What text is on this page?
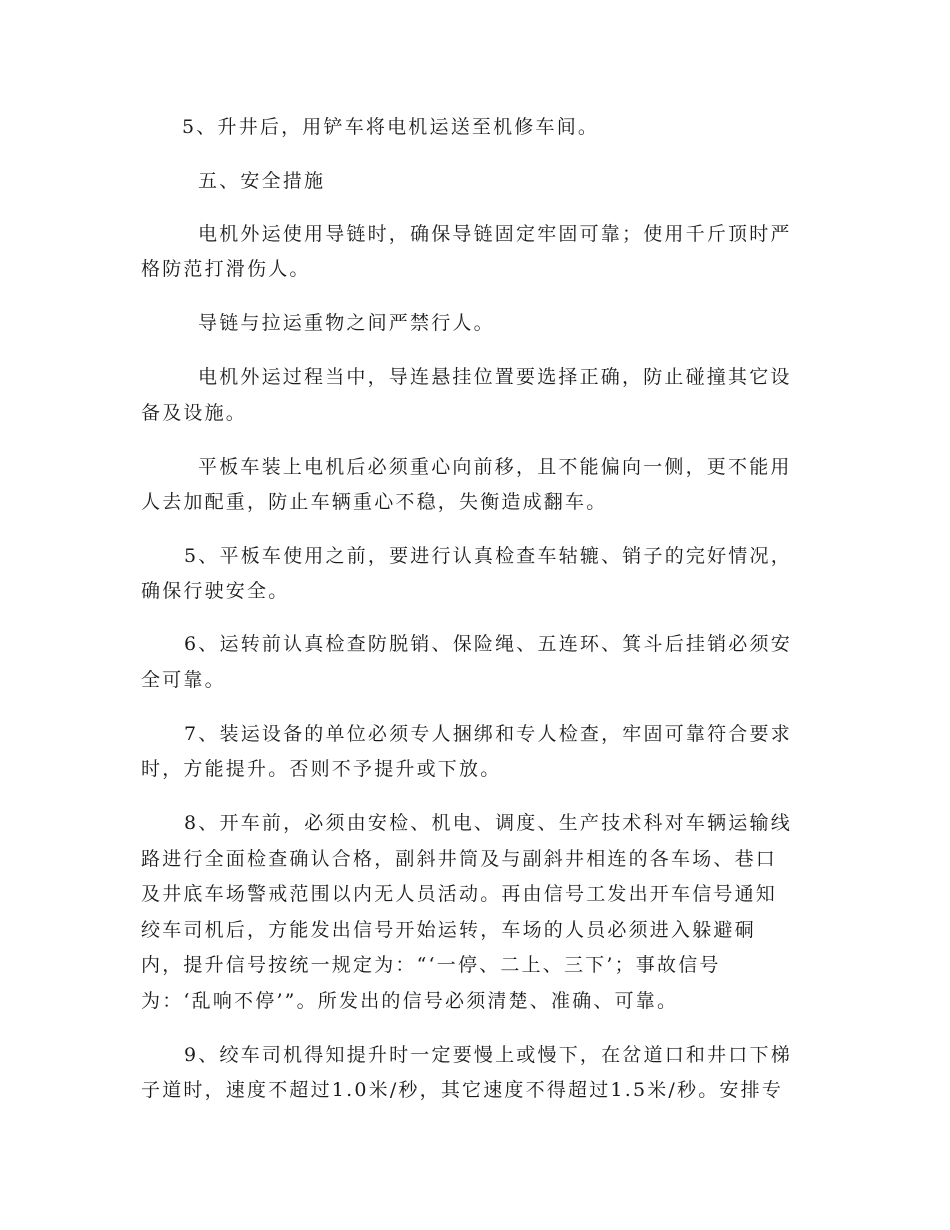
5、升井后，用铲车将电机运送至机修车间。
五、安全措施
电机外运使用导链时，确保导链固定牢固可靠；使用千斤顶时严
格防范打滑伤人。
导链与拉运重物之间严禁行人。
电机外运过程当中，导连悬挂位置要选择正确，防止碰撞其它设
备及设施。
平板车装上电机后必须重心向前移，且不能偏向一侧，更不能用
人去加配重，防止车辆重心不稳，失衡造成翻车。
5、平板车使用之前，要进行认真检查车轱辘、销子的完好情况，
确保行驶安全。
6、运转前认真检查防脱销、保险绳、五连环、箕斗后挂销必须安
全可靠。
7、装运设备的单位必须专人捆绑和专人检查，牢固可靠符合要求
时，方能提升。否则不予提升或下放。
8、开车前，必须由安检、机电、调度、生产技术科对车辆运输线
路进行全面检查确认合格，副斜井筒及与副斜井相连的各车场、巷口
及井底车场警戒范围以内无人员活动。再由信号工发出开车信号通知
绞车司机后，方能发出信号开始运转，车场的人员必须进入躲避硐
内，提升信号按统一规定为：“‘一停、二上、三下’；事故信号
为：‘乱响不停’”。所发出的信号必须清楚、准确、可靠。
9、绞车司机得知提升时一定要慢上或慢下，在岔道口和井口下梯
子道时，速度不超过1.0米/秒，其它速度不得超过1.5米/秒。安排专
